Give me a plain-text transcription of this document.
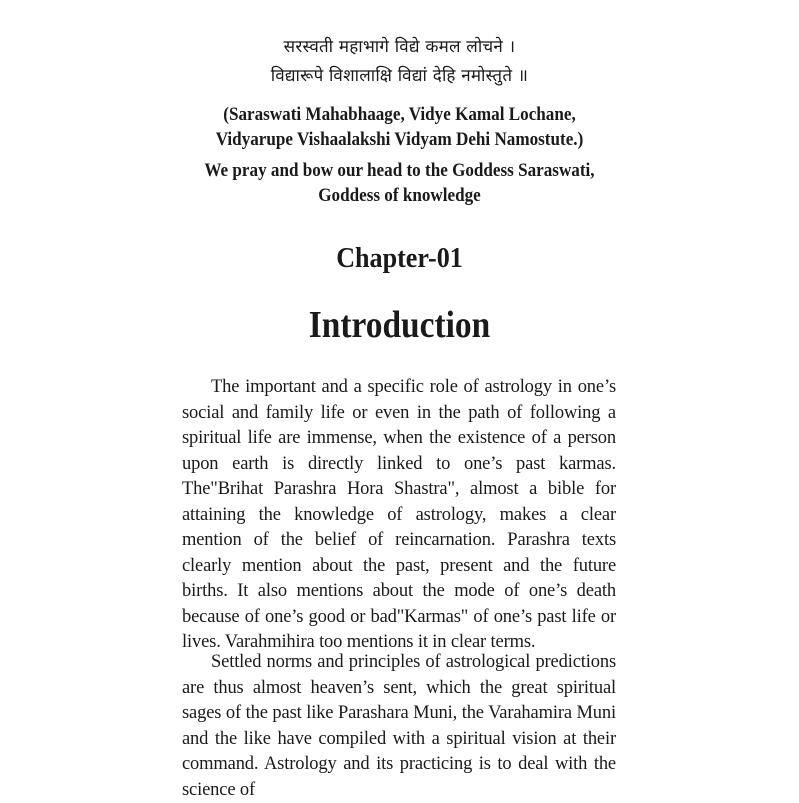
सरस्वती महाभागे विद्ये कमल लोचने ।
विद्यारूपे विशालाक्षि विद्यां देहि नमोस्तुते ॥
(Saraswati Mahabhaage, Vidye Kamal Lochane,
Vidyarupe Vishaalakshi Vidyam Dehi Namostute.)
We pray and bow our head to the Goddess Saraswati,
Goddess of knowledge
Chapter-01
Introduction

The important and a specific role of astrology in one’s social and family life or even in the path of following a spiritual life are immense, when the existence of a person upon earth is directly linked to one’s past karmas. The"Brihat Parashra Hora Shastra", almost a bible for attaining the knowledge of astrology, makes a clear mention of the belief of reincarnation. Parashra texts clearly mention about the past, present and the future births. It also mentions about the mode of one’s death because of one’s good or bad"Karmas" of one’s past life or lives. Varahmihira too mentions it in clear terms.

Settled norms and principles of astrological predictions are thus almost heaven’s sent, which the great spiritual sages of the past like Parashara Muni, the Varahamira Muni and the like have compiled with a spiritual vision at their command. Astrology and its practicing is to deal with the science of
